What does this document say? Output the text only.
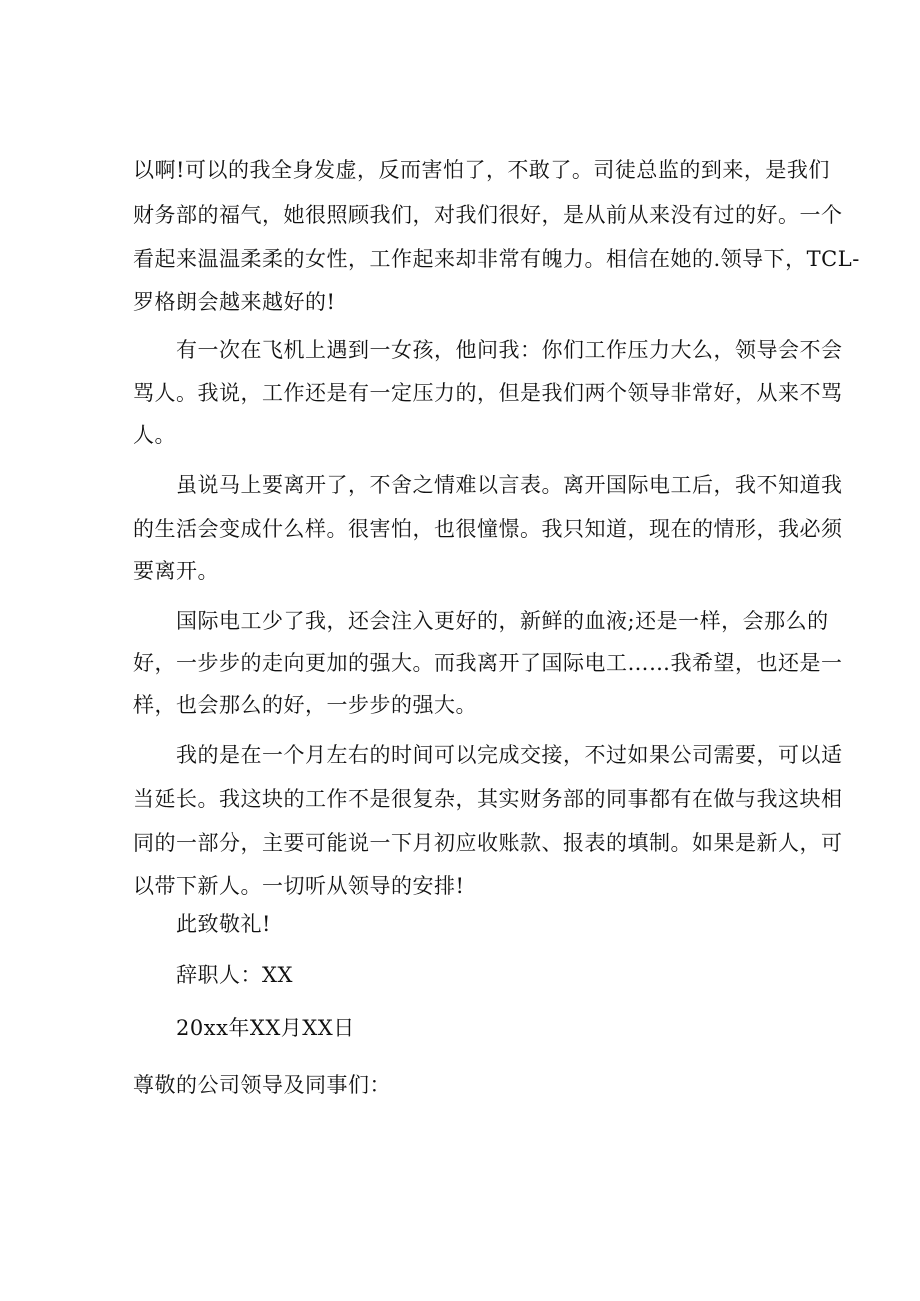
以啊!可以的我全身发虚，反而害怕了，不敢了。司徒总监的到来，是我们
财务部的福气，她很照顾我们，对我们很好，是从前从来没有过的好。一个
看起来温温柔柔的女性，工作起来却非常有魄力。相信在她的.领导下，TCL-
罗格朗会越来越好的!
有一次在飞机上遇到一女孩，他问我：你们工作压力大么，领导会不会
骂人。我说，工作还是有一定压力的，但是我们两个领导非常好，从来不骂
人。
虽说马上要离开了，不舍之情难以言表。离开国际电工后，我不知道我
的生活会变成什么样。很害怕，也很憧憬。我只知道，现在的情形，我必须
要离开。
国际电工少了我，还会注入更好的，新鲜的血液;还是一样，会那么的
好，一步步的走向更加的强大。而我离开了国际电工……我希望，也还是一
样，也会那么的好，一步步的强大。
我的是在一个月左右的时间可以完成交接，不过如果公司需要，可以适
当延长。我这块的工作不是很复杂，其实财务部的同事都有在做与我这块相
同的一部分，主要可能说一下月初应收账款、报表的填制。如果是新人，可
以带下新人。一切听从领导的安排!
此致敬礼!
辞职人：XX
20xx年XX月XX日
尊敬的公司领导及同事们：
